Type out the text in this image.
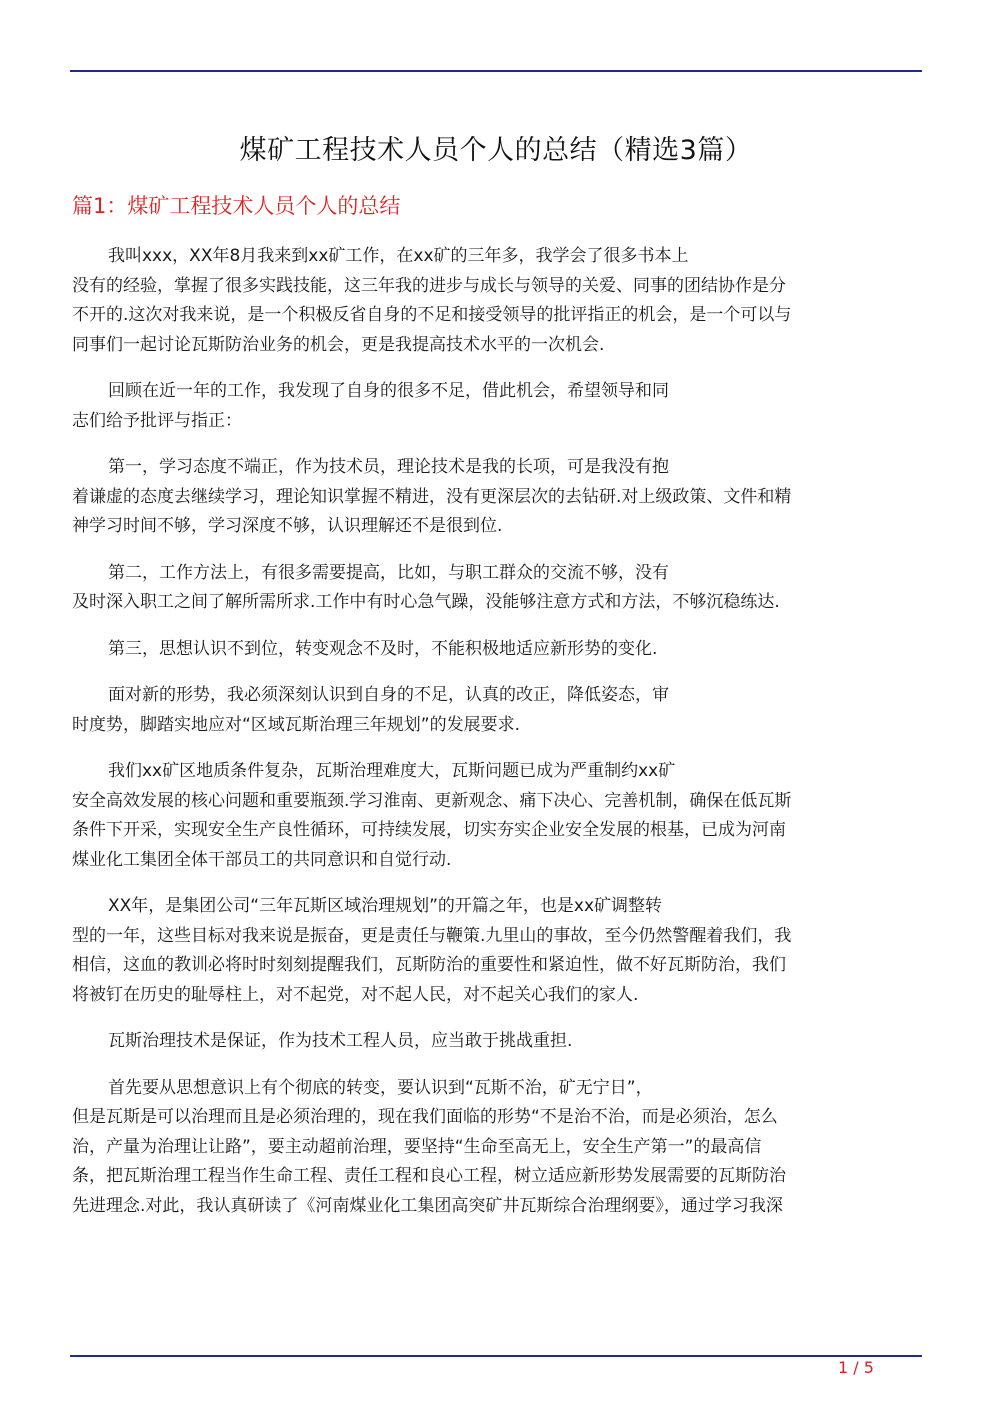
煤矿工程技术人员个人的总结（精选3篇）
篇1：煤矿工程技术人员个人的总结
我叫xxx，XX年8月我来到xx矿工作，在xx矿的三年多，我学会了很多书本上
没有的经验，掌握了很多实践技能，这三年我的进步与成长与领导的关爱、同事的团结协作是分
不开的.这次对我来说，是一个积极反省自身的不足和接受领导的批评指正的机会，是一个可以与
同事们一起讨论瓦斯防治业务的机会，更是我提高技术水平的一次机会.
回顾在近一年的工作，我发现了自身的很多不足，借此机会，希望领导和同
志们给予批评与指正：
第一，学习态度不端正，作为技术员，理论技术是我的长项，可是我没有抱
着谦虚的态度去继续学习，理论知识掌握不精进，没有更深层次的去钻研.对上级政策、文件和精
神学习时间不够，学习深度不够，认识理解还不是很到位.
第二，工作方法上，有很多需要提高，比如，与职工群众的交流不够，没有
及时深入职工之间了解所需所求.工作中有时心急气躁，没能够注意方式和方法，不够沉稳练达.
第三，思想认识不到位，转变观念不及时，不能积极地适应新形势的变化.
面对新的形势，我必须深刻认识到自身的不足，认真的改正，降低姿态，审
时度势，脚踏实地应对“区域瓦斯治理三年规划”的发展要求.
我们xx矿区地质条件复杂，瓦斯治理难度大，瓦斯问题已成为严重制约xx矿
安全高效发展的核心问题和重要瓶颈.学习淮南、更新观念、痛下决心、完善机制，确保在低瓦斯
条件下开采，实现安全生产良性循环，可持续发展，切实夯实企业安全发展的根基，已成为河南
煤业化工集团全体干部员工的共同意识和自觉行动.
XX年，是集团公司“三年瓦斯区域治理规划”的开篇之年，也是xx矿调整转
型的一年，这些目标对我来说是振奋，更是责任与鞭策.九里山的事故，至今仍然警醒着我们，我
相信，这血的教训必将时时刻刻提醒我们，瓦斯防治的重要性和紧迫性，做不好瓦斯防治，我们
将被钉在历史的耻辱柱上，对不起党，对不起人民，对不起关心我们的家人.
瓦斯治理技术是保证，作为技术工程人员，应当敢于挑战重担.
首先要从思想意识上有个彻底的转变，要认识到“瓦斯不治，矿无宁日”，
但是瓦斯是可以治理而且是必须治理的，现在我们面临的形势“不是治不治，而是必须治，怎么
治，产量为治理让让路”，要主动超前治理，要坚持“生命至高无上，安全生产第一”的最高信
条，把瓦斯治理工程当作生命工程、责任工程和良心工程，树立适应新形势发展需要的瓦斯防治
先进理念.对此，我认真研读了《河南煤业化工集团高突矿井瓦斯综合治理纲要》，通过学习我深
1 / 5
